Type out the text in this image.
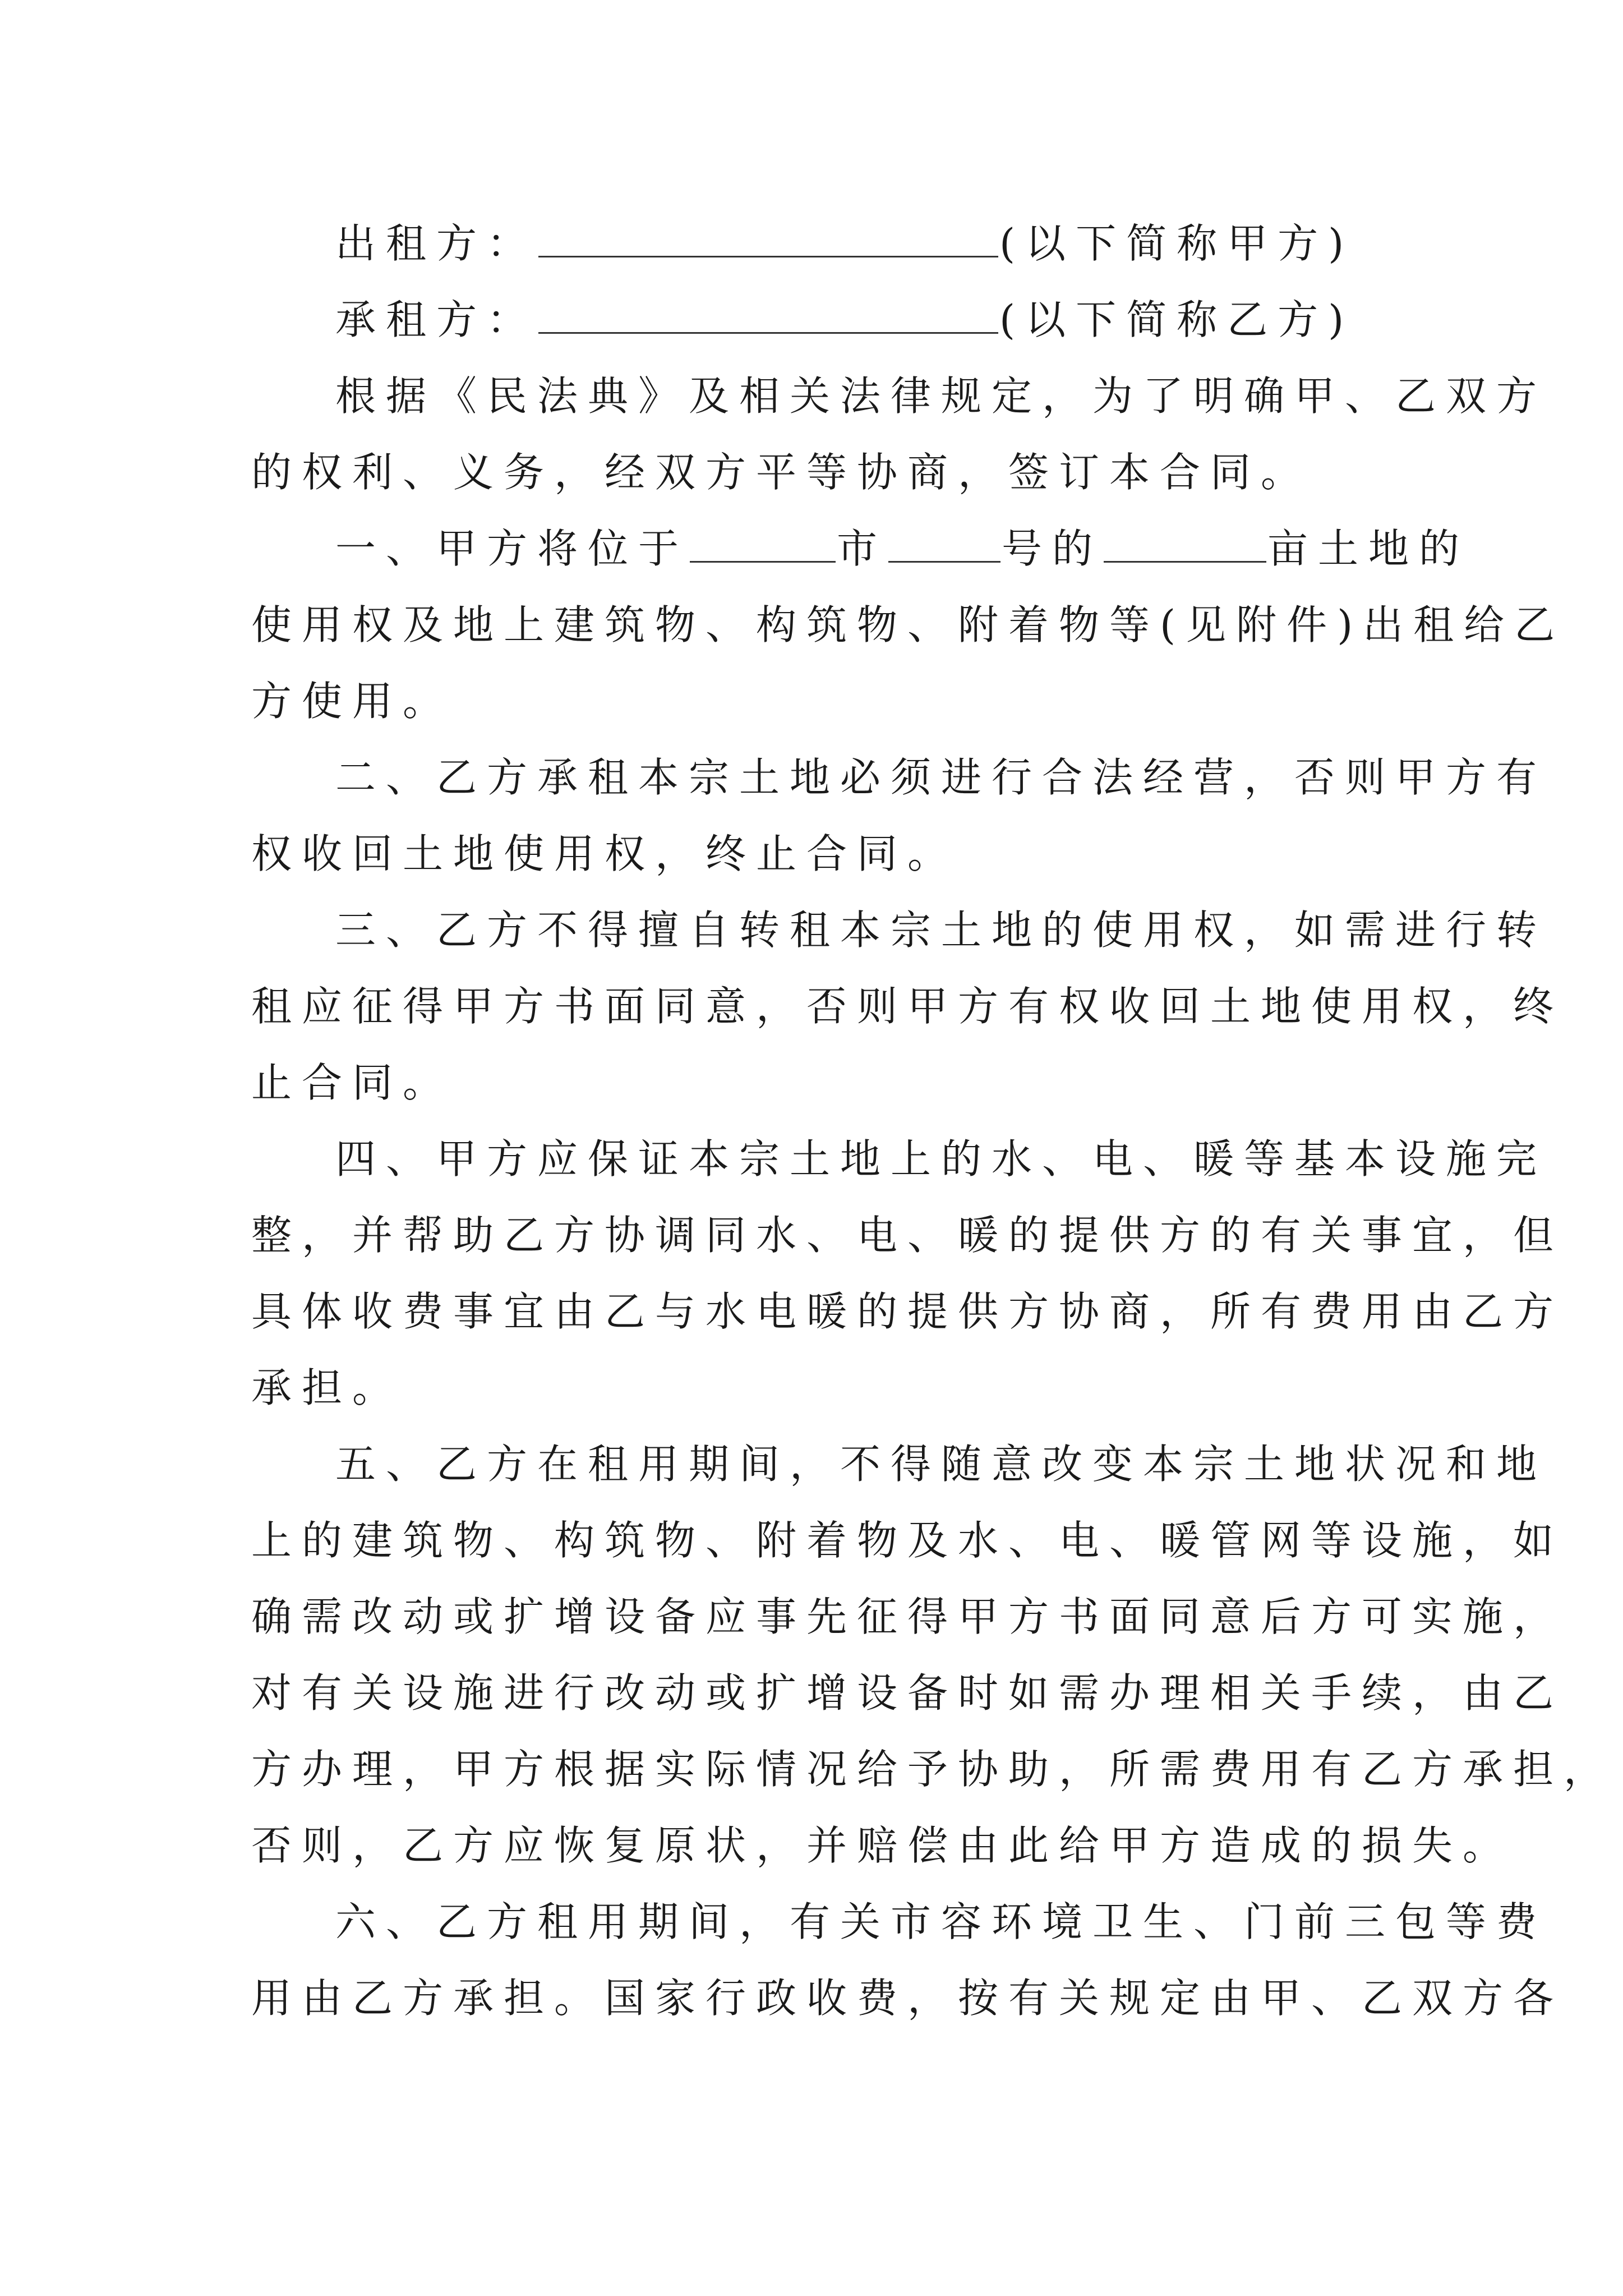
出租方：	(以下简称甲方)
承租方：	(以下简称乙方)
根据《民法典》及相关法律规定，为了明确甲、乙双方
的权利、义务，经双方平等协商，签订本合同。
一、甲方将位于	市	号的	亩土地的
使用权及地上建筑物、构筑物、附着物等(见附件)出租给乙
方使用。
二、乙方承租本宗土地必须进行合法经营，否则甲方有
权收回土地使用权，终止合同。
三、乙方不得擅自转租本宗土地的使用权，如需进行转
租应征得甲方书面同意，否则甲方有权收回土地使用权，终
止合同。
四、甲方应保证本宗土地上的水、电、暖等基本设施完
整，并帮助乙方协调同水、电、暖的提供方的有关事宜，但
具体收费事宜由乙与水电暖的提供方协商，所有费用由乙方
承担。
五、乙方在租用期间，不得随意改变本宗土地状况和地
上的建筑物、构筑物、附着物及水、电、暖管网等设施，如
确需改动或扩增设备应事先征得甲方书面同意后方可实施，
对有关设施进行改动或扩增设备时如需办理相关手续，由乙
方办理，甲方根据实际情况给予协助，所需费用有乙方承担，
否则，乙方应恢复原状，并赔偿由此给甲方造成的损失。
六、乙方租用期间，有关市容环境卫生、门前三包等费
用由乙方承担。国家行政收费，按有关规定由甲、乙双方各
